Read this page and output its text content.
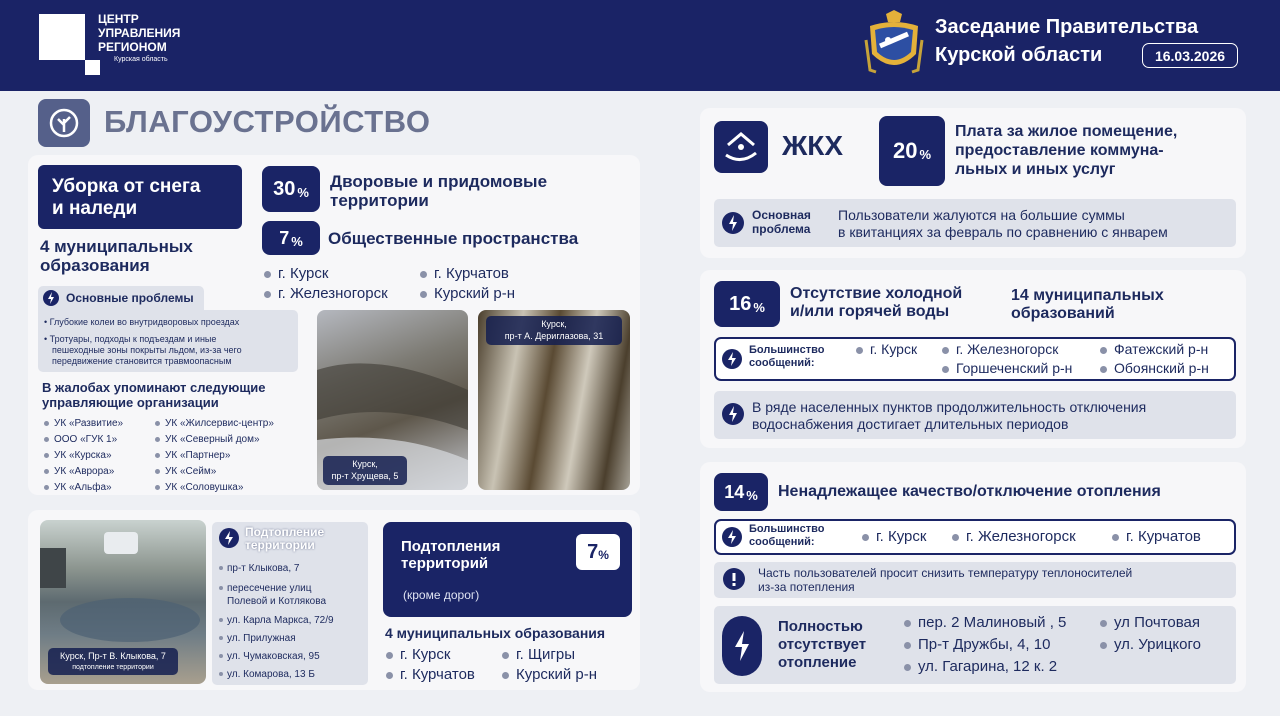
ЦЕНТР
УПРАВЛЕНИЯ
РЕГИОНОМ
Курская область
Заседание Правительства
Курской области	16.03.2026
БЛАГОУСТРОЙСТВО
Уборка от снега
и наледи
4 муниципальных
образования
Основные проблемы
• Глубокие колеи во внутридворовых проездах
• Тротуары, подходы к подъездам и иные
пешеходные зоны покрыты льдом, из-за чего
передвижение становится травмоопасным
В жалобах упоминают следующие
управляющие организации
УК «Развитие»
ООО «ГУК 1»
УК «Курска»
УК «Аврора»
УК «Альфа»
УК «Жилсервис-центр»
УК «Северный дом»
УК «Партнер»
УК «Сейм»
УК «Соловушка»
30 %
Дворовые и придомовые
территории
7 % Общественные пространства
г. Курск
г. Железногорск
г. Курчатов
Курский р-н
Курск,
пр-т Хрущева, 5
Курск,
пр-т А. Дериглазова, 31
Курск, Пр-т В. Клыкова, 7
подтопление территории
Подтопление
территории
пр-т Клыкова, 7
пересечение улиц
Полевой и Котлякова
ул. Карла Маркса, 72/9
ул. Прилужная
ул. Чумаковская, 95
ул. Комарова, 13 Б
Подтопления
территорий
(кроме дорог)
7 %
4 муниципальных образования
г. Курск
г. Курчатов
г. Щигры
Курский р-н
ЖКХ 20 %
Плата за жилое помещение,
предоставление коммуна-
льных и иных услуг
Основная
проблема
Пользователи жалуются на большие суммы
в квитанциях за февраль по сравнению с январем
16 %
Отсутствие холодной
и/или горячей воды
14 муниципальных
образований
Большинство
сообщений:
г. Курск	г. Железногорск	Фатежский р-н
Горшеченский р-н	Обоянский р-н
В ряде населенных пунктов продолжительность отключения
водоснабжения достигает длительных периодов
14 % Ненадлежащее качество/отключение отопления
Большинство
сообщений:	г. Курск	г. Железногорск	г. Курчатов
Часть пользователей просит снизить температуру теплоносителей
из-за потепления
Полностью
отсутствует
отопление
пер. 2 Малиновый , 5
Пр-т Дружбы, 4, 10
ул. Гагарина, 12 к. 2
ул Почтовая
ул. Урицкого
